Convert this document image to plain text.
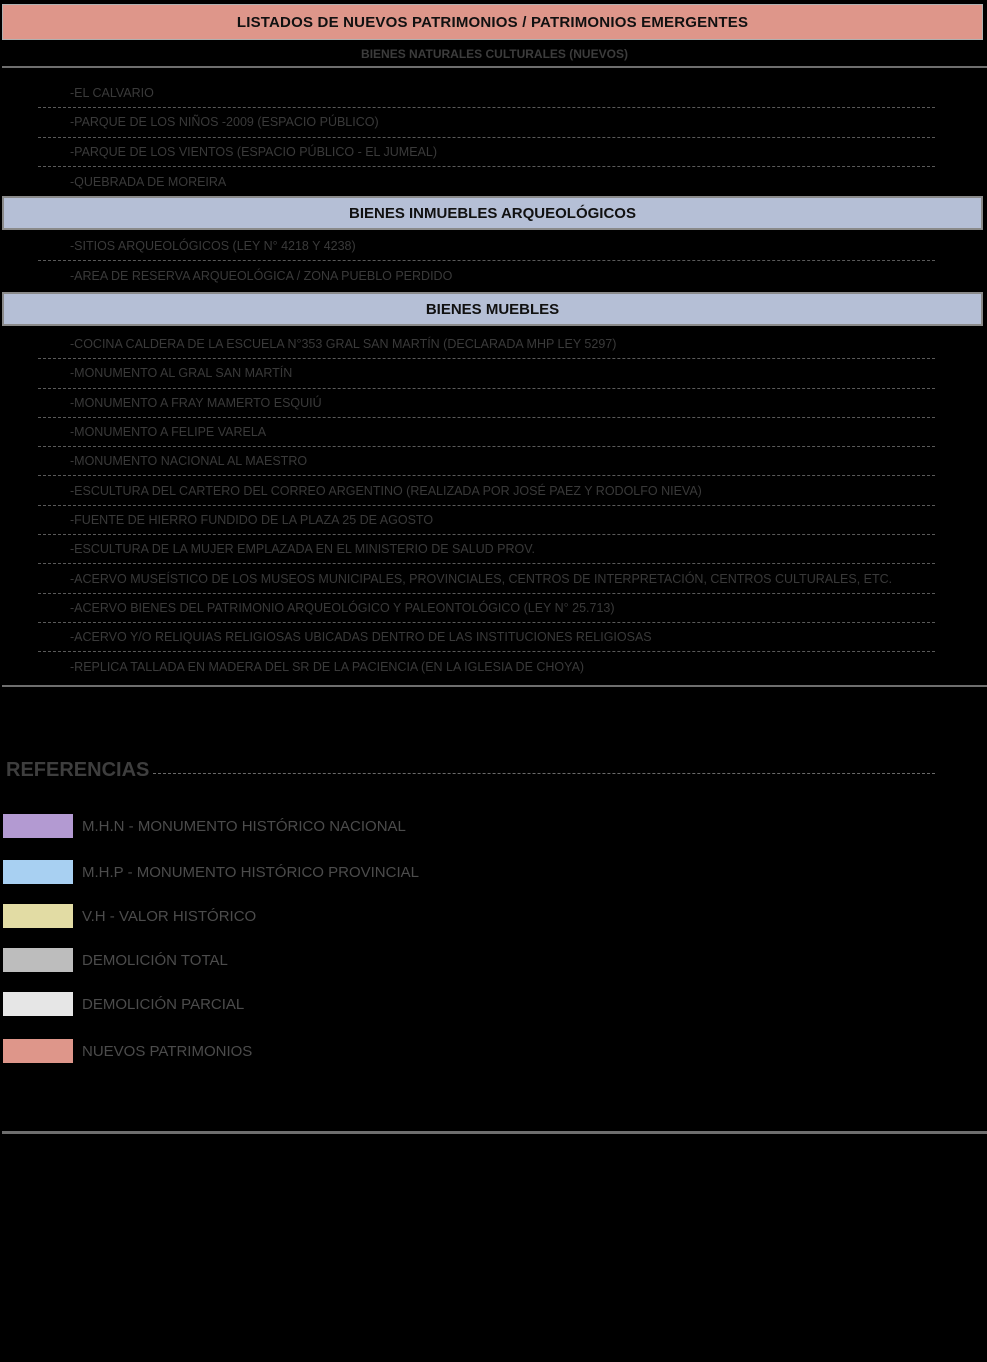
LISTADOS DE NUEVOS PATRIMONIOS / PATRIMONIOS EMERGENTES
BIENES NATURALES CULTURALES (NUEVOS)
-EL CALVARIO
-PARQUE DE LOS NIÑOS -2009 (ESPACIO PÚBLICO)
-PARQUE DE LOS VIENTOS (ESPACIO PÚBLICO - EL JUMEAL)
-QUEBRADA DE MOREIRA
BIENES INMUEBLES ARQUEOLÓGICOS
-SITIOS ARQUEOLÓGICOS (LEY N° 4218 Y 4238)
-AREA DE RESERVA ARQUEOLÓGICA / ZONA PUEBLO PERDIDO
BIENES MUEBLES
-COCINA CALDERA DE LA ESCUELA N°353 GRAL SAN MARTÍN (DECLARADA MHP LEY 5297)
-MONUMENTO AL GRAL SAN MARTÍN
-MONUMENTO A FRAY MAMERTO ESQUIÚ
-MONUMENTO A FELIPE VARELA
-MONUMENTO NACIONAL AL MAESTRO
-ESCULTURA DEL CARTERO DEL CORREO ARGENTINO (REALIZADA POR JOSÉ PAEZ Y RODOLFO NIEVA)
-FUENTE DE HIERRO FUNDIDO DE LA PLAZA 25 DE AGOSTO
-ESCULTURA DE LA MUJER EMPLAZADA EN EL MINISTERIO DE SALUD PROV.
-ACERVO MUSEÍSTICO DE LOS MUSEOS MUNICIPALES, PROVINCIALES, CENTROS DE INTERPRETACIÓN, CENTROS CULTURALES, ETC.
-ACERVO BIENES DEL PATRIMONIO ARQUEOLÓGICO Y PALEONTOLÓGICO (LEY N° 25.713)
-ACERVO Y/O RELIQUIAS RELIGIOSAS UBICADAS DENTRO DE LAS INSTITUCIONES RELIGIOSAS
-REPLICA TALLADA EN MADERA DEL SR DE LA PACIENCIA (EN LA IGLESIA DE CHOYA)
REFERENCIAS
M.H.N - MONUMENTO HISTÓRICO NACIONAL
M.H.P - MONUMENTO HISTÓRICO PROVINCIAL
V.H - VALOR HISTÓRICO
DEMOLICIÓN TOTAL
DEMOLICIÓN PARCIAL
NUEVOS PATRIMONIOS
